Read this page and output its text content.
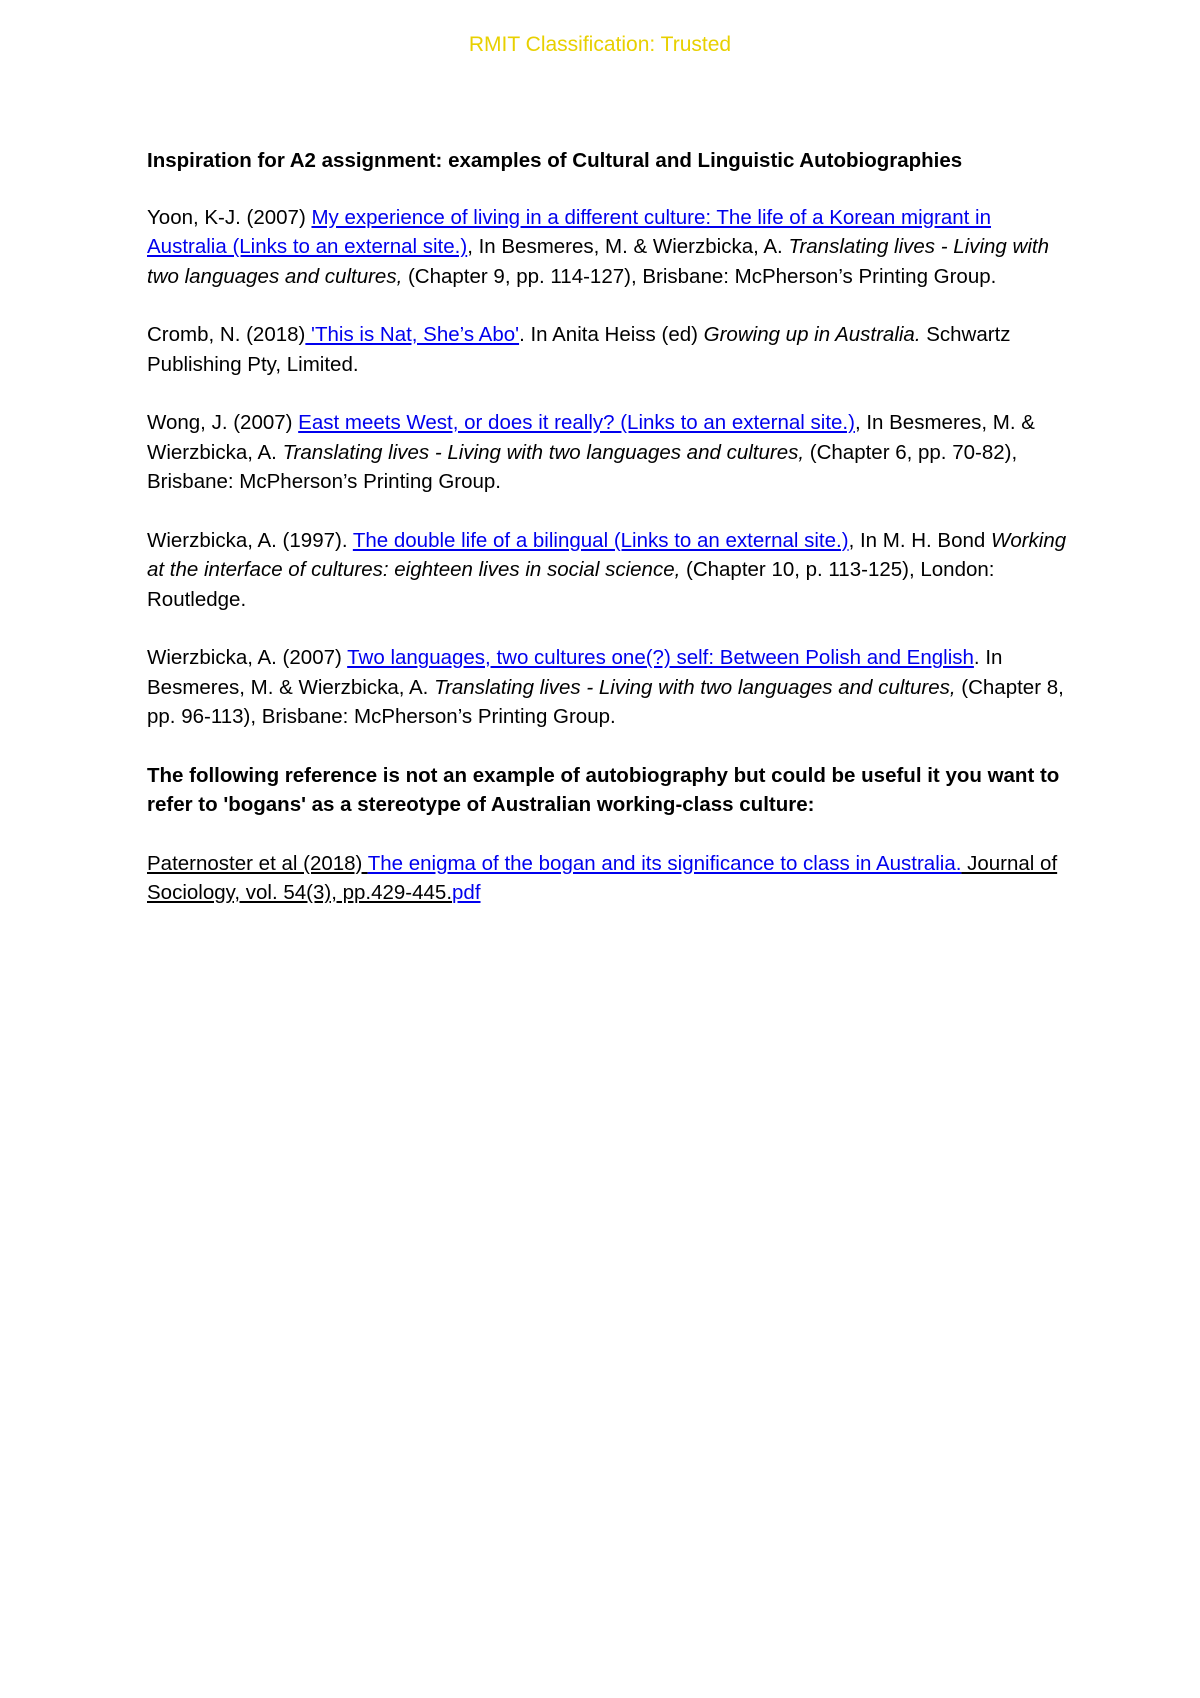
RMIT Classification: Trusted

Inspiration for A2 assignment: examples of Cultural and Linguistic Autobiographies

Yoon, K-J. (2007) My experience of living in a different culture: The life of a Korean migrant in Australia (Links to an external site.), In Besmeres, M. & Wierzbicka, A. Translating lives - Living with two languages and cultures, (Chapter 9, pp. 114-127), Brisbane: McPherson’s Printing Group.

Cromb, N. (2018) 'This is Nat, She’s Abo'. In Anita Heiss (ed) Growing up in Australia. Schwartz Publishing Pty, Limited.

Wong, J. (2007) East meets West, or does it really? (Links to an external site.), In Besmeres, M. & Wierzbicka, A. Translating lives - Living with two languages and cultures, (Chapter 6, pp. 70-82), Brisbane: McPherson’s Printing Group.

Wierzbicka, A. (1997). The double life of a bilingual (Links to an external site.), In M. H. Bond Working at the interface of cultures: eighteen lives in social science, (Chapter 10, p. 113-125), London: Routledge.

Wierzbicka, A. (2007) Two languages, two cultures one(?) self: Between Polish and English. In Besmeres, M. & Wierzbicka, A. Translating lives - Living with two languages and cultures, (Chapter 8, pp. 96-113), Brisbane: McPherson’s Printing Group.

The following reference is not an example of autobiography but could be useful it you want to refer to 'bogans' as a stereotype of Australian working-class culture:

Paternoster et al (2018) The enigma of the bogan and its significance to class in Australia. Journal of Sociology, vol. 54(3), pp.429-445.pdf
